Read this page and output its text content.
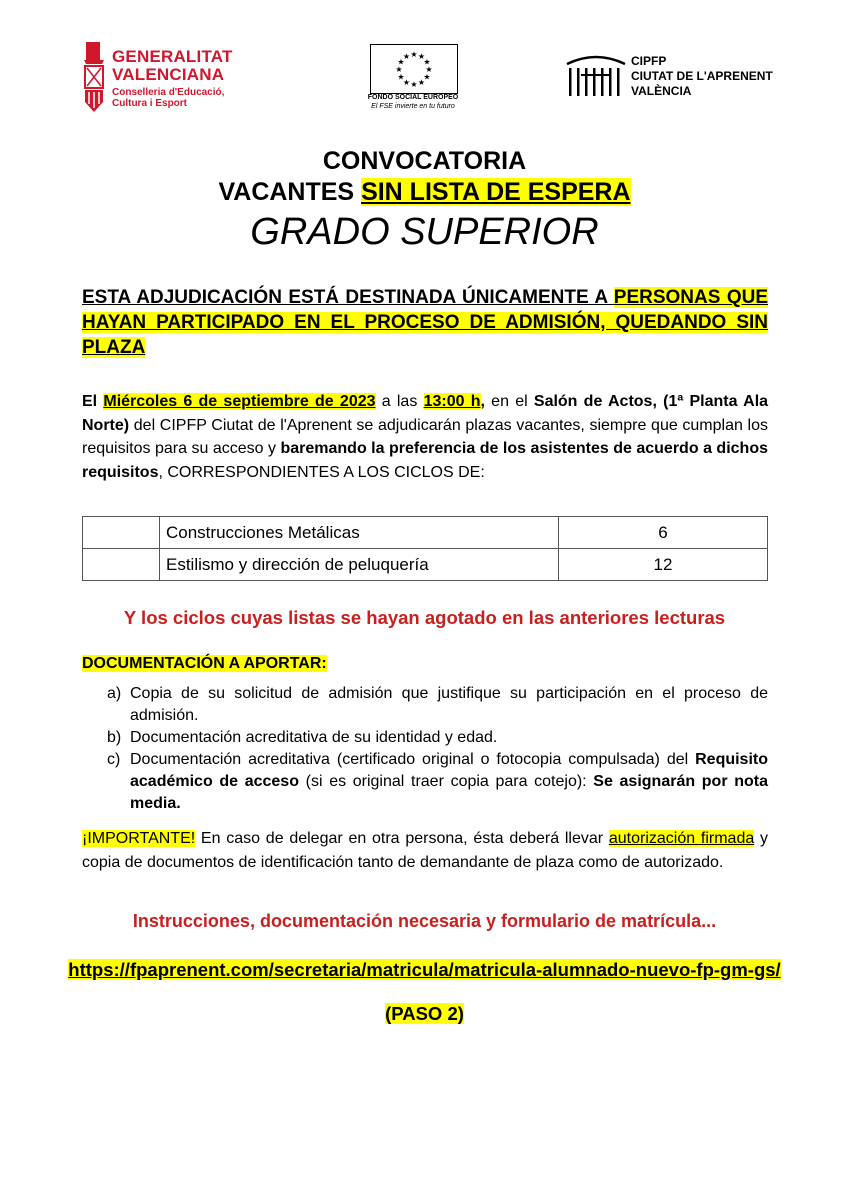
GENERALITAT
VALENCIANA
Conselleria d'Educació,
Cultura i Esport
★ ★
★
★
★
★
★
★
★
★
★
★
FONDO SOCIAL EUROPEO
El FSE invierte en tu futuro
CIPFP
CIUTAT DE L'APRENENT
VALÈNCIA
CONVOCATORIA
VACANTES SIN LISTA DE ESPERA
GRADO SUPERIOR
ESTA ADJUDICACIÓN ESTÁ DESTINADA ÚNICAMENTE A PERSONAS QUE HAYAN PARTICIPADO EN EL PROCESO DE ADMISIÓN, QUEDANDO SIN PLAZA
El Miércoles 6 de septiembre de 2023 a las 13:00 h, en el Salón de Actos, (1ª Planta Ala Norte) del CIPFP Ciutat de l'Aprenent se adjudicarán plazas vacantes, siempre que cumplan los requisitos para su acceso y baremando la preferencia de los asistentes de acuerdo a dichos requisitos, CORRESPONDIENTES A LOS CICLOS DE:
	Construcciones Metálicas	6
	Estilismo y dirección de peluquería	12
Y los ciclos cuyas listas se hayan agotado en las anteriores lecturas
DOCUMENTACIÓN A APORTAR:
a) Copia de su solicitud de admisión que justifique su participación en el proceso de admisión.
b) Documentación acreditativa de su identidad y edad.
c) Documentación acreditativa (certificado original o fotocopia compulsada) del Requisito académico de acceso (si es original traer copia para cotejo): Se asignarán por nota media.
¡IMPORTANTE! En caso de delegar en otra persona, ésta deberá llevar autorización firmada y copia de documentos de identificación tanto de demandante de plaza como de autorizado.
Instrucciones, documentación necesaria y formulario de matrícula...
https://fpaprenent.com/secretaria/matricula/matricula-alumnado-nuevo-fp-gm-gs/
(PASO 2)
